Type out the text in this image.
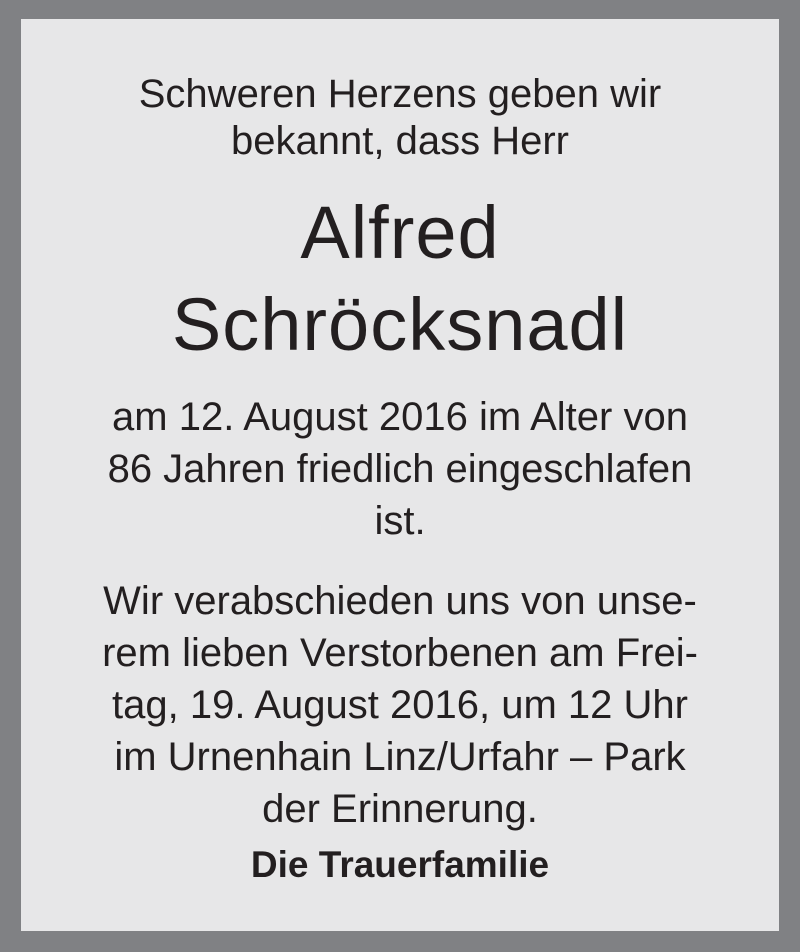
Schweren Herzens geben wir
bekannt, dass Herr
Alfred
Schröcksnadl
am 12. August 2016 im Alter von
86 Jahren friedlich eingeschlafen
ist.
Wir verabschieden uns von unse-
rem lieben Verstorbenen am Frei-
tag, 19. August 2016, um 12 Uhr
im Urnenhain Linz/Urfahr – Park
der Erinnerung.
Die Trauerfamilie
